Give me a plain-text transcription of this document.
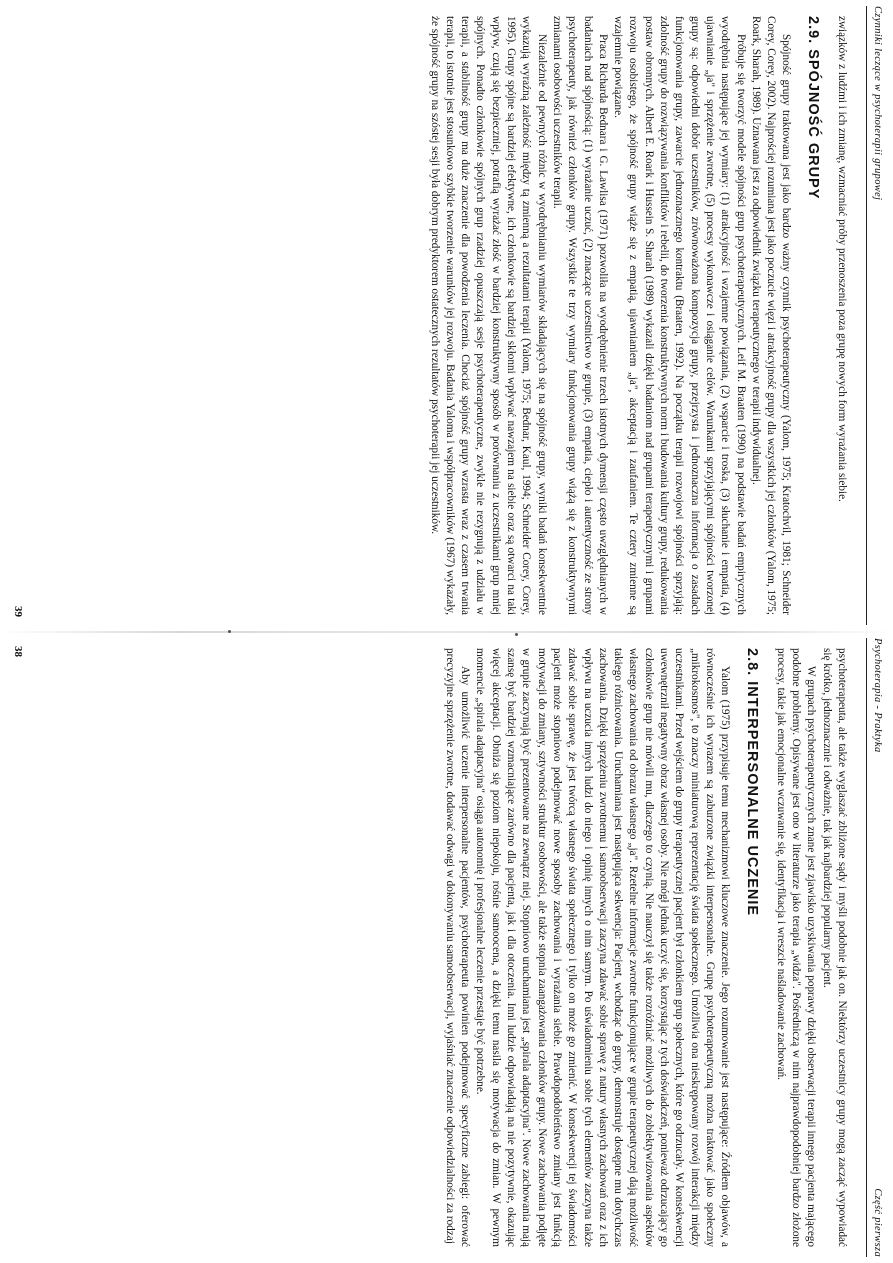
Psychoterapia - Praktyka
Część pierwsza

psychoterapeuta, ale także wyglaszać zbliżone sądy i myśli podobnie jak on. Niektórzy uczestnicy grupy mogą zacząć wypowiadać się krótko, jednoznacznie i odważnie, tak jak najbardziej popularny pacjent.

W grupach psychoterapeutycznych znane jest zjawisko uzyskiwania poprawy dzięki obserwacji terapii innego pacjenta mającego podobne problemy. Opisywane jest ono w literaturze jako terapia „widza". Pośredniczą w nim najprawdopodobniej bardzo złożone procesy, takie jak emocjonalne wczuwanie się, identyfikacja i wreszcie naśladowanie zachowań.

2.8. INTERPERSONALNE UCZENIE

Yalom (1975) przypisuje temu mechanizmowi kluczowe znaczenie. Jego rozumowanie jest następujące: Źródłem objawów, a równocześnie ich wyrazem są zaburzone związki interpersonalne. Grupę psychoterapeutyczną można traktować jako społeczny „mikrokosmos", to znaczy miniaturową reprezentację świata społecznego. Umożliwia ona nieskrępowany rozwój interakcji między uczestnikami. Przed wejściem do grupy terapeutycznej pacjent był członkiem grup społecznych, które go odrzucały. W konsekwencji uwewnętrznił negatywny obraz własnej osoby. Nie mógł jednak uczyć się, korzystając z tych doświadczeń, ponieważ odrzucający go członkowie grup nie mówili mu, dlaczego to czynią. Nie nauczył się także rozróżniać możliwych do zobiektywizowania aspektów własnego zachowania od obrazu własnego „ja". Rzetelne informacje zwrotne funkcjonujące w grupie terapeutycznej dają możliwość takiego różnicowania. Uruchamiana jest następująca sekwencja: Pacjent, wchodząc do grupy, demonstruje dostępne mu dotychczas zachowania. Dzięki sprzężeniu zwrotnemu i samoobserwacji zaczyna zdawać sobie sprawę z natury własnych zachowań oraz z ich wpływu na uczucia innych ludzi do niego i opinię innych o nim samym. Po uświadomieniu sobie tych elementów zaczyna także zdawać sobie sprawę, że jest twórcą własnego świata społecznego i tylko on może go zmienić. W konsekwencji tej świadomości pacjent może stopniowo podejmować nowe sposoby zachowania i wyrażania siebie. Prawdopodobieństwo zmiany jest funkcją motywacji do zmiany, sztywności struktur osobowości, ale także stopnia zaangażowania członków grupy. Nowe zachowania podjęte w grupie zaczynają być prezentowane na zewnątrz niej. Stopniowo uruchamiana jest „spirala adaptacyjna". Nowe zachowania mają szansę być bardziej wzmacniające zarówno dla pacjenta, jak i dla otoczenia. Inni ludzie odpowiadają na nie pozytywnie, okazując więcej akceptacji. Obniża się poziom niepokoju, rośnie samoocena, a dzięki temu nasila się motywacja do zmian. W pewnym momencie „spirala adaptacyjna" osiąga autonomię i profesjonalne leczenie przestaje być potrzebne.

Aby umożliwić uczenie interpersonalne pacjentów, psychoterapeuta powinien podejmować specyficzne zabiegi: oferować precyzyjne sprzężenie zwrotne, dodawać odwagi w dokonywaniu samoobserwacji, wyjaśniać znaczenie odpowiedzialności za rodzaj

38
Czynniki leczące w psychoterapii grupowej

związków z ludźmi i ich zmianę, wzmacniać próby przenoszenia poza grupę nowych form wyrażania siebie.

2.9. SPÓJNOŚĆ GRUPY

Spójność grupy traktowana jest jako bardzo ważny czynnik psychoterapeutyczny (Yalom, 1975; Kratochvil, 1981; Schneider Corey, Corey, 2002). Najprościej rozumiana jest jako poczucie więzi i atrakcyjność grupy dla wszystkich jej członków (Yalom, 1975; Roark, Sharah, 1989). Uznawana jest za odpowiednik związku terapeutycznego w terapii indywidualnej.

Próbuje się tworzyć modele spójności grup psychoterapeutycznych. Leif M. Braaten (1990) na podstawie badań empirycznych wyodrębnia następujące jej wymiary: (1) atrakcyjność i wzajemne powiązania, (2) wsparcie i troska, (3) słuchanie i empatia, (4) ujawnianie „ja" i sprzężenie zwrotne, (5) procesy wykonawcze i osiąganie celów. Warunkami sprzyjającymi spójności tworzonej grupy są: odpowiedni dobór uczestników, zrównoważona kompozycja grupy, przejrzysta i jednoznaczna informacja o zasadach funkcjonowania grupy, zawarcie jednoznacznego kontraktu (Braaten, 1992). Na początku terapii rozwojowi spójności sprzyjają: zdolność grupy do rozwiązywania konfliktów i rebelii, do tworzenia konstruktywnych norm i budowania kultury grupy, redukowania postaw obronnych. Albert E. Roark i Hussein S. Sharah (1989) wykazali dzięki badaniom nad grupami terapeutycznymi i grupami rozwoju osobistego, że spójność grupy wiąże się z empatią, ujawnianiem „ja", akceptacją i zaufaniem. Te cztery zmienne są wzajemnie powiązane.

Praca Richarda Bednara i G. Lawlisa (1971) pozwoliła na wyodrębnienie trzech istotnych dymensji często uwzględnianych w badaniach nad spójnością: (1) wyrażanie uczuć, (2) znaczące uczestnictwo w grupie, (3) empatia, ciepło i autentyczność ze strony psychoterapeuty, jak również członków grupy. Wszystkie te trzy wymiary funkcjonowania grupy wiążą się z konstruktywnymi zmianami osobowości uczestników terapii.

Niezależnie od pewnych różnic w wyodrębnianiu wymiarów składających się na spójność grupy, wyniki badań konsekwentnie wykazują wyraźną zależność między tą zmienną a rezultatami terapii (Yalom, 1975; Bednar, Kaul, 1994; Schneider Corey, Corey, 1995). Grupy spójne są bardziej efektywne, ich członkowie są bardziej skłonni wpływać nawzajem na siebie oraz są otwarci na taki wpływ, czują się bezpieczniej, potrafią wyrażać złość w bardziej konstruktywny sposób w porównaniu z uczestnikami grup mniej spójnych. Ponadto członkowie spójnych grup rzadziej opuszczają sesje psychoterapeutyczne, zwykle nie rezygnują z udziału w terapii, a stabilność grupy ma duże znaczenie dla powodzenia leczenia. Chociaż spójność grupy wzrasta wraz z czasem trwania terapii, to istotnie jest stosunkowo szybkie tworzenie warunków jej rozwoju. Badania Yaloma i współpracowników (1967) wykazały, że spójność grupy na szóstej sesji była dobrym predyktorem ostatecznych rezultatów psychoterapii jej uczestników.

39
